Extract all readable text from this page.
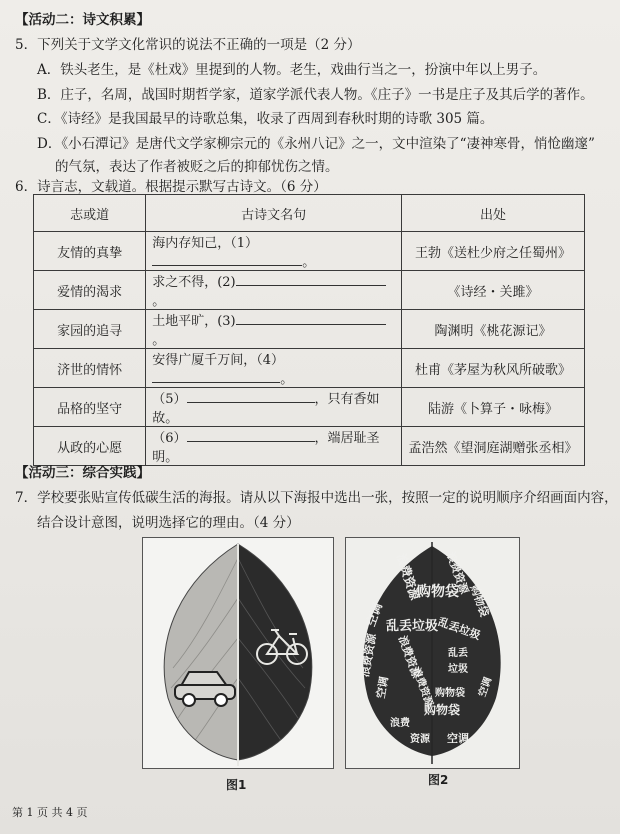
【活动二：诗文积累】
5．下列关于文学文化常识的说法不正确的一项是（2 分）
A．铁头老生，是《杜戏》里提到的人物。老生，戏曲行当之一，扮演中年以上男子。
B．庄子，名周，战国时期哲学家，道家学派代表人物。《庄子》一书是庄子及其后学的著作。
C．《诗经》是我国最早的诗歌总集，收录了西周到春秋时期的诗歌 305 篇。
D．《小石潭记》是唐代文学家柳宗元的《永州八记》之一，文中渲染了“凄神寒骨，悄怆幽邃”
的气氛，表达了作者被贬之后的抑郁忧伤之情。
6．诗言志，文载道。根据提示默写古诗文。（6 分）
志或道	古诗文名句	出处
友情的真挚	海内存知己，（1）。	王勃《送杜少府之任蜀州》
爱情的渴求	求之不得，(2)。	《诗经・关雎》
家园的追寻	土地平旷，(3)。	陶渊明《桃花源记》
济世的情怀	安得广厦千万间，（4）。	杜甫《茅屋为秋风所破歌》
品格的坚守	（5） ，只有香如故。	陆游《卜算子・咏梅》
从政的心愿	（6） ，端居耻圣明。	孟浩然《望洞庭湖赠张丞相》
【活动三：综合实践】
7．学校要张贴宣传低碳生活的海报。请从以下海报中选出一张，按照一定的说明顺序介绍画面内容，
结合设计意图，说明选择它的理由。（4 分）
图1
空调
浪费资源
购物袋
浪费资源
购物袋
乱丢垃圾
乱丢垃圾
浪费资源
空调
浪费资源	乱丢
垃圾
购物袋
浪费资源	空调
购物袋
浪费
资源 空调
图2
第 1 页 共 4 页
